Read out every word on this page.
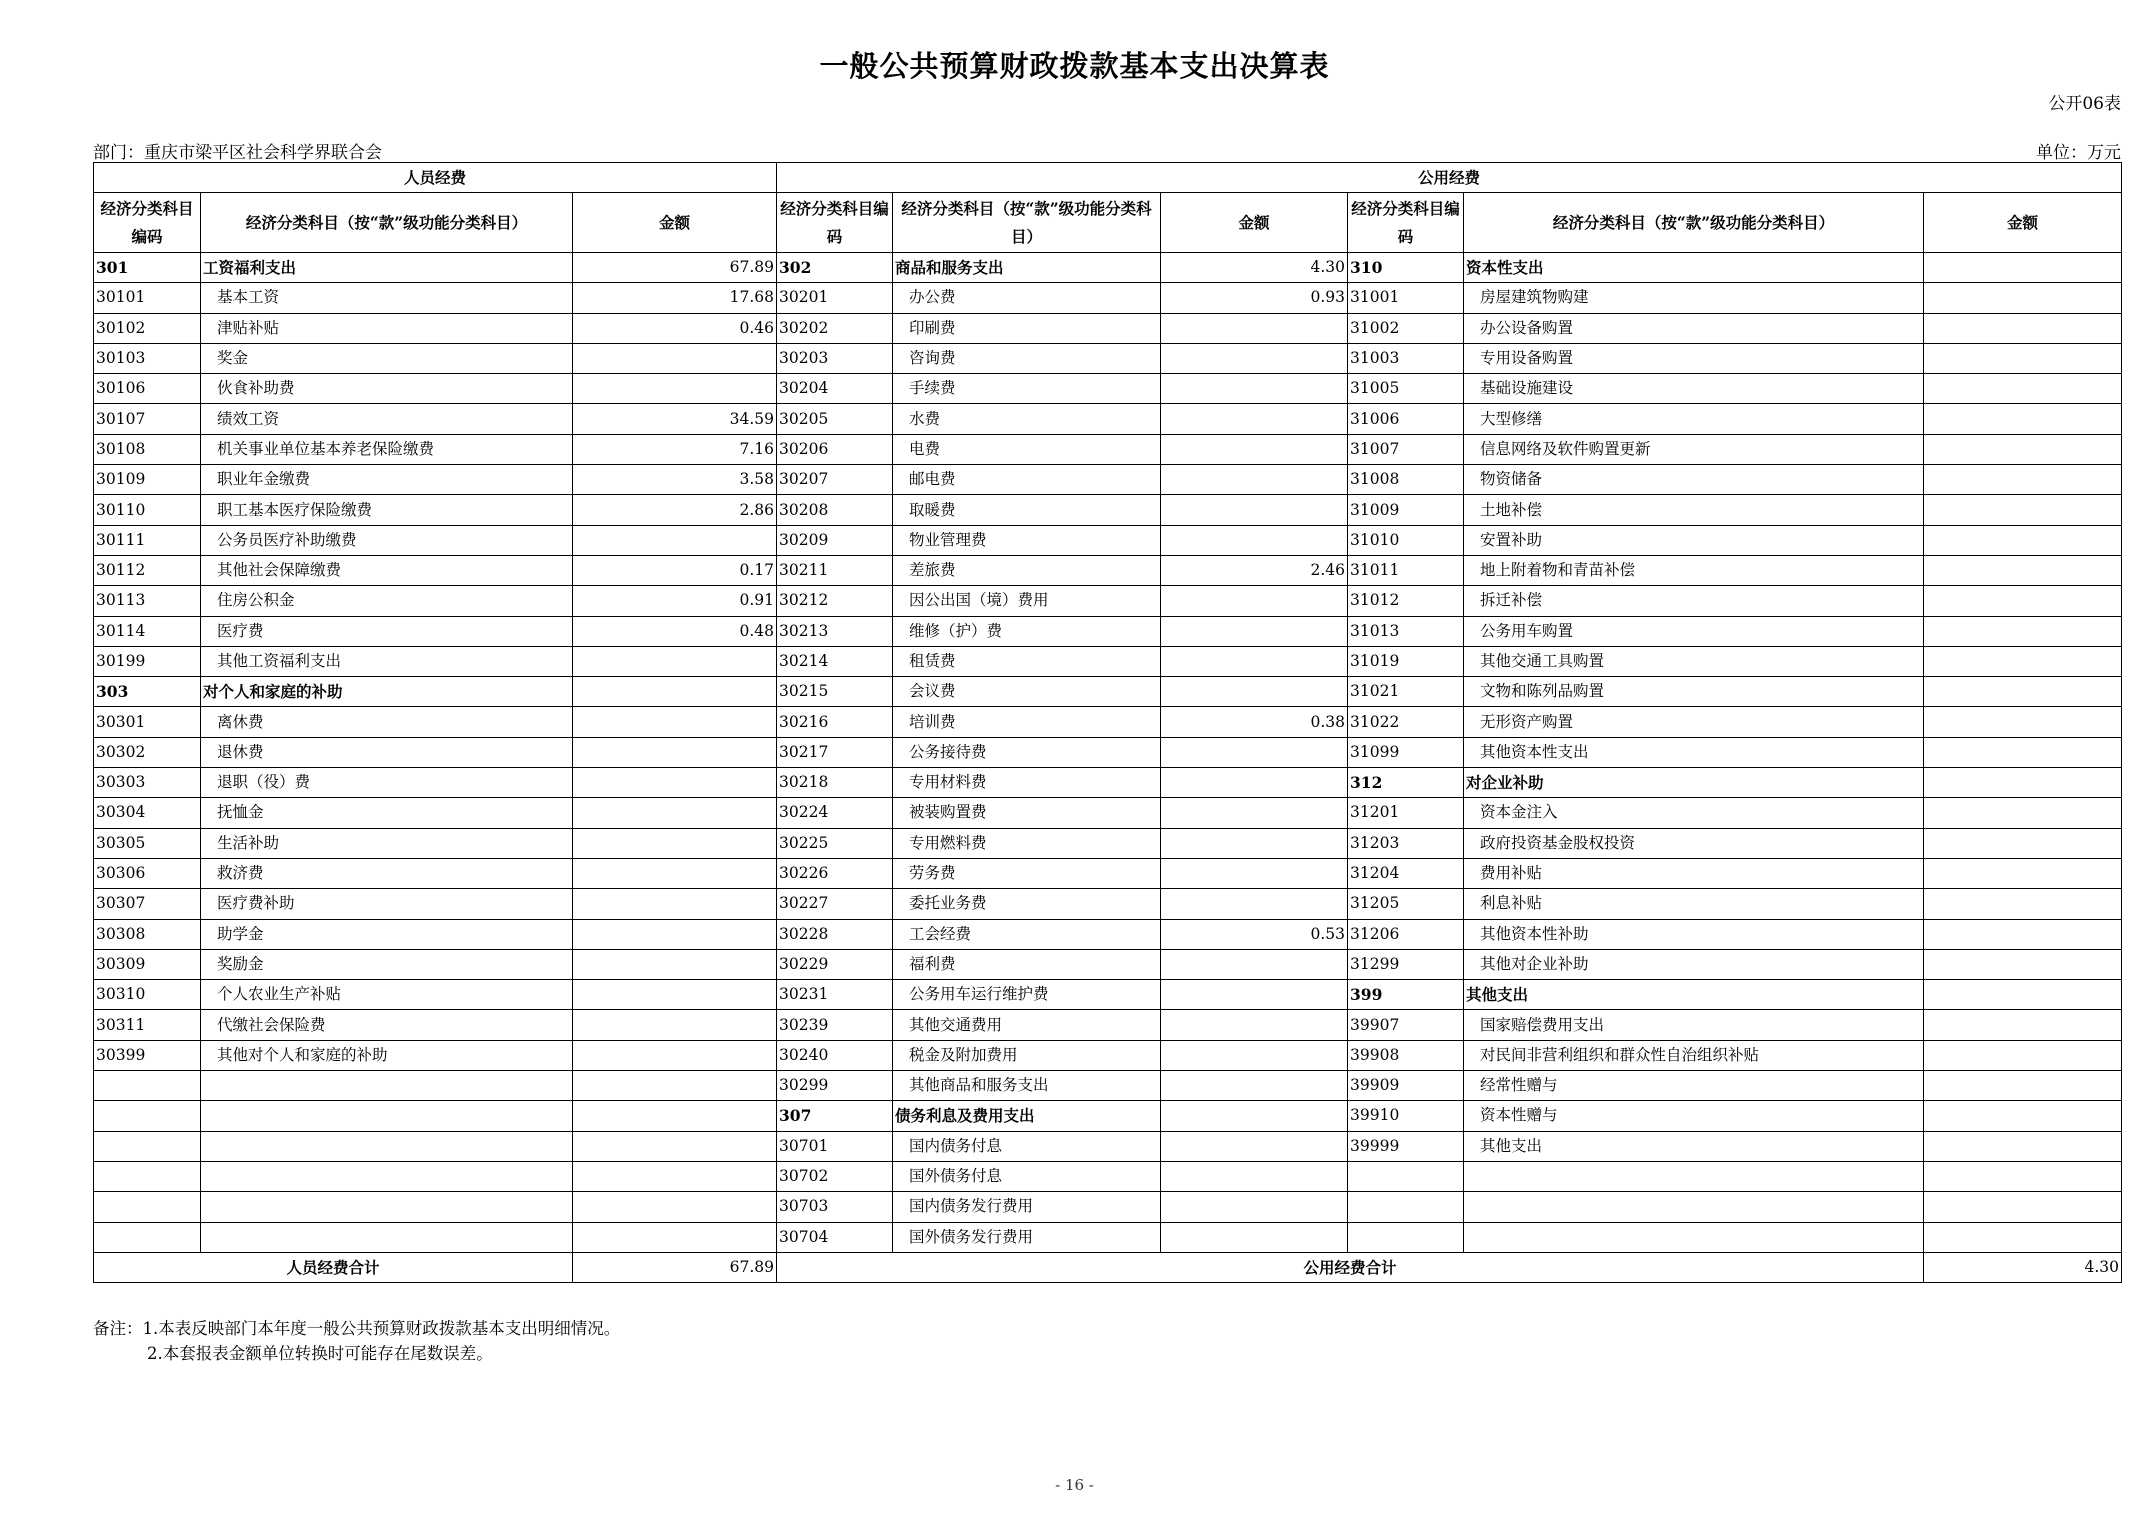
一般公共预算财政拨款基本支出决算表
公开06表
部门：重庆市梁平区社会科学界联合会	单位：万元
人员经费			公用经费					
经济分类科目编码	经济分类科目（按“款”级功能分类科目）	金额	经济分类科目编码	经济分类科目（按“款”级功能分类科目）	金额	经济分类科目编码	经济分类科目（按“款”级功能分类科目）	金额
301	工资福利支出	67.89	302	商品和服务支出	4.30	310	资本性支出	
30101	基本工资	17.68	30201	办公费	0.93	31001	房屋建筑物购建	
30102	津贴补贴	0.46	30202	印刷费		31002	办公设备购置	
30103	奖金		30203	咨询费		31003	专用设备购置	
30106	伙食补助费		30204	手续费		31005	基础设施建设	
30107	绩效工资	34.59	30205	水费		31006	大型修缮	
30108	机关事业单位基本养老保险缴费	7.16	30206	电费		31007	信息网络及软件购置更新	
30109	职业年金缴费	3.58	30207	邮电费		31008	物资储备	
30110	职工基本医疗保险缴费	2.86	30208	取暖费		31009	土地补偿	
30111	公务员医疗补助缴费		30209	物业管理费		31010	安置补助	
30112	其他社会保障缴费	0.17	30211	差旅费	2.46	31011	地上附着物和青苗补偿	
30113	住房公积金	0.91	30212	因公出国（境）费用		31012	拆迁补偿	
30114	医疗费	0.48	30213	维修（护）费		31013	公务用车购置	
30199	其他工资福利支出		30214	租赁费		31019	其他交通工具购置	
303	对个人和家庭的补助		30215	会议费		31021	文物和陈列品购置	
30301	离休费		30216	培训费	0.38	31022	无形资产购置	
30302	退休费		30217	公务接待费		31099	其他资本性支出	
30303	退职（役）费		30218	专用材料费		312	对企业补助	
30304	抚恤金		30224	被装购置费		31201	资本金注入	
30305	生活补助		30225	专用燃料费		31203	政府投资基金股权投资	
30306	救济费		30226	劳务费		31204	费用补贴	
30307	医疗费补助		30227	委托业务费		31205	利息补贴	
30308	助学金		30228	工会经费	0.53	31206	其他资本性补助	
30309	奖励金		30229	福利费		31299	其他对企业补助	
30310	个人农业生产补贴		30231	公务用车运行维护费		399	其他支出	
30311	代缴社会保险费		30239	其他交通费用		39907	国家赔偿费用支出	
30399	其他对个人和家庭的补助		30240	税金及附加费用		39908	对民间非营利组织和群众性自治组织补贴	
			30299	其他商品和服务支出		39909	经常性赠与	
			307	债务利息及费用支出		39910	资本性赠与	
			30701	国内债务付息		39999	其他支出	
			30702	国外债务付息				
			30703	国内债务发行费用				
			30704	国外债务发行费用				
人员经费合计		67.89	公用经费合计					4.30
备注：1.本表反映部门本年度一般公共预算财政拨款基本支出明细情况。
2.本套报表金额单位转换时可能存在尾数误差。
- 16 -
